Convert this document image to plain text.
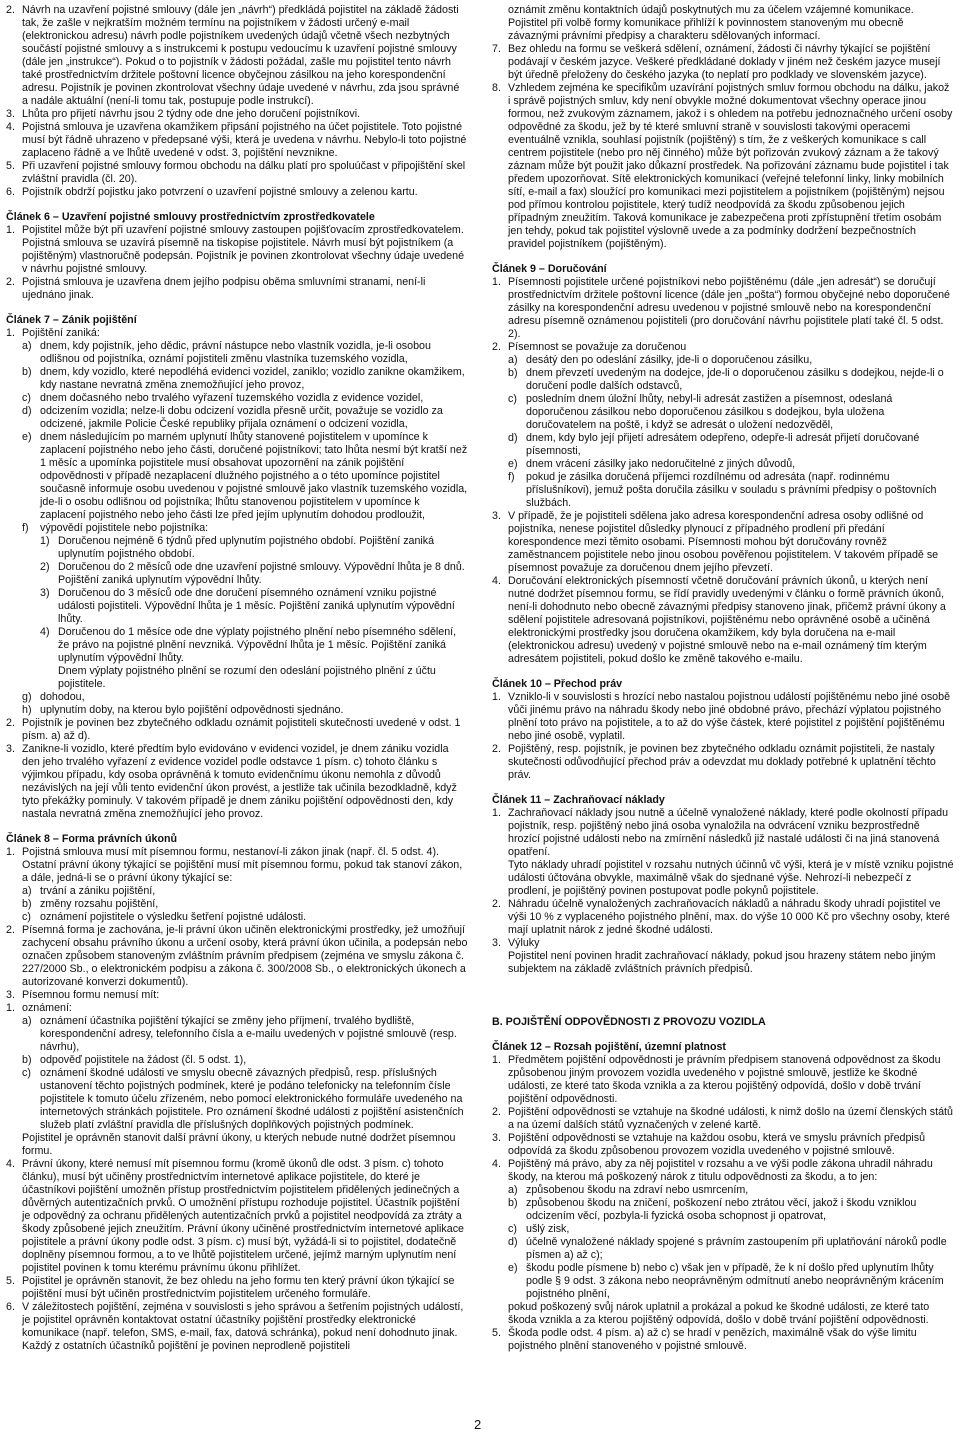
2. Návrh na uzavření pojistné smlouvy (dále jen „návrh“) předkládá pojistitel na základě žádosti tak, že zašle v nejkratším možném termínu na pojistníkem v žádosti určený e-mail (elektronickou adresu) návrh podle pojistníkem uvedených údajů včetně všech nezbytných součástí pojistné smlouvy a s instrukcemi k postupu vedoucímu k uzavření pojistné smlouvy (dále jen „instrukce“). Pokud o to pojistník v žádosti požádal, zašle mu pojistitel tento návrh také prostřednictvím držitele poštovní licence obyčejnou zásilkou na jeho korespondenční adresu. Pojistník je povinen zkontrolovat všechny údaje uvedené v návrhu, zda jsou správné a nadále aktuální (není-li tomu tak, postupuje podle instrukcí).
3. Lhůta pro přijetí návrhu jsou 2 týdny ode dne jeho doručení pojistníkovi.
4. Pojistná smlouva je uzavřena okamžikem připsání pojistného na účet pojistitele. Toto pojistné musí být řádně uhrazeno v předepsané výši, která je uvedena v návrhu. Nebylo-li toto pojistné zaplaceno řádně a ve lhůtě uvedené v odst. 3, pojištění nevznikne.
5. Při uzavření pojistné smlouvy formou obchodu na dálku platí pro spoluúčast v připojištění skel zvláštní pravidla (čl. 20).
6. Pojistník obdrží pojistku jako potvrzení o uzavření pojistné smlouvy a zelenou kartu.
Článek 6 – Uzavření pojistné smlouvy prostřednictvím zprostředkovatele
1. Pojistitel může být při uzavření pojistné smlouvy zastoupen pojišťovacím zprostředkovatelem. Pojistná smlouva se uzavírá písemně na tiskopise pojistitele. Návrh musí být pojistníkem (a pojištěným) vlastnoručně podepsán. Pojistník je povinen zkontrolovat všechny údaje uvedené v návrhu pojistné smlouvy.
2. Pojistná smlouva je uzavřena dnem jejího podpisu oběma smluvními stranami, není-li ujednáno jinak.
Článek 7 – Zánik pojištění
1. Pojištění zaniká:
a) dnem, kdy pojistník, jeho dědic, právní nástupce nebo vlastník vozidla, je-li osobou odlišnou od pojistníka, oznámí pojistiteli změnu vlastníka tuzemského vozidla,
b) dnem, kdy vozidlo, které nepodléhá evidenci vozidel, zaniklo; vozidlo zanikne okamžikem, kdy nastane nevratná změna znemožňující jeho provoz,
c) dnem dočasného nebo trvalého vyřazení tuzemského vozidla z evidence vozidel,
d) odcizením vozidla; nelze-li dobu odcizení vozidla přesně určit, považuje se vozidlo za odcizené, jakmile Policie České republiky přijala oznámení o odcizení vozidla,
e) dnem následujícím po marném uplynutí lhůty stanovené pojistitelem v upomínce k zaplacení pojistného nebo jeho části, doručené pojistníkovi; tato lhůta nesmí být kratší než 1 měsíc a upomínka pojistitele musí obsahovat upozornění na zánik pojištění odpovědnosti v případě nezaplacení dlužného pojistného a o této upomínce pojistitel současně informuje osobu uvedenou v pojistné smlouvě jako vlastník tuzemského vozidla, jde-li o osobu odlišnou od pojistníka; lhůtu stanovenou pojistitelem v upomínce k zaplacení pojistného nebo jeho části lze před jejím uplynutím dohodou prodloužit,
f)	výpovědí pojistitele nebo pojistníka:
1) Doručenou nejméně 6 týdnů před uplynutím pojistného období. Pojištění zaniká uplynutím pojistného období.
2) Doručenou do 2 měsíců ode dne uzavření pojistné smlouvy. Výpovědní lhůta je 8 dnů. Pojištění zaniká uplynutím výpovědní lhůty.
3) Doručenou do 3 měsíců ode dne doručení písemného oznámení vzniku pojistné události pojistiteli. Výpovědní lhůta je 1 měsíc. Pojištění zaniká uplynutím výpovědní lhůty.
4) Doručenou do 1 měsíce ode dne výplaty pojistného plnění nebo písemného sdělení, že právo na pojistné plnění nevzniká. Výpovědní lhůta je 1 měsíc. Pojištění zaniká uplynutím výpovědní lhůty.

Dnem výplaty pojistného plnění se rozumí den odeslání pojistného plnění z účtu pojistitele.

g) dohodou,
h) uplynutím doby, na kterou bylo pojištění odpovědnosti sjednáno.
2. Pojistník je povinen bez zbytečného odkladu oznámit pojistiteli skutečnosti uvedené v odst. 1 písm. a) až d).
3. Zanikne-li vozidlo, které předtím bylo evidováno v evidenci vozidel, je dnem zániku vozidla den jeho trvalého vyřazení z evidence vozidel podle odstavce 1 písm. c) tohoto článku s výjimkou případu, kdy osoba oprávněná k tomuto evidenčnímu úkonu nemohla z důvodů nezávislých na její vůli tento evidenční úkon provést, a jestliže tak učinila bezodkladně, když tyto překážky pominuly. V takovém případě je dnem zániku pojištění odpovědnosti den, kdy nastala nevratná změna znemožňující jeho provoz.
Článek 8 – Forma právních úkonů
1. Pojistná smlouva musí mít písemnou formu, nestanoví-li zákon jinak (např. čl. 5 odst. 4). Ostatní právní úkony týkající se pojištění musí mít písemnou formu, pokud tak stanoví zákon, a dále, jedná-li se o právní úkony týkající se:
a) trvání a zániku pojištění,
b) změny rozsahu pojištění,
c) oznámení pojistitele o výsledku šetření pojistné události.
2. Písemná forma je zachována, je-li právní úkon učiněn elektronickými prostředky, jež umožňují zachycení obsahu právního úkonu a určení osoby, která právní úkon učinila, a podepsán nebo označen způsobem stanoveným zvláštním právním předpisem (zejména ve smyslu zákona č. 227/2000 Sb., o elektronickém podpisu a zákona č. 300/2008 Sb., o elektronických úkonech a autorizované konverzi dokumentů).
3. Písemnou formu nemusí mít:
1. oznámení:
a) oznámení účastníka pojištění týkající se změny jeho příjmení, trvalého bydliště, korespondenční adresy, telefonního čísla a e-mailu uvedených v pojistné smlouvě (resp. návrhu),
b) odpověď pojistitele na žádost (čl. 5 odst. 1),
c) oznámení škodné události ve smyslu obecně závazných předpisů, resp. příslušných ustanovení těchto pojistných podmínek, které je podáno telefonicky na telefonním čísle pojistitele k tomuto účelu zřízeném, nebo pomocí elektronického formuláře uvedeného na internetových stránkách pojistitele. Pro oznámení škodné události z pojištění asistenčních služeb platí zvláštní pravidla dle příslušných doplňkových pojistných podmínek.

Pojistitel je oprávněn stanovit další právní úkony, u kterých nebude nutné dodržet písemnou formu.

4. Právní úkony, které nemusí mít písemnou formu (kromě úkonů dle odst. 3 písm. c) tohoto článku), musí být učiněny prostřednictvím internetové aplikace pojistitele, do které je účastníkovi pojištění umožněn přístup prostřednictvím pojistitelem přidělených jedinečných a důvěrných autentizačních prvků. O umožnění přístupu rozhoduje pojistitel. Účastník pojištění je odpovědný za ochranu přidělených autentizačních prvků a pojistitel neodpovídá za ztráty a škody způsobené jejich zneužitím. Právní úkony učiněné prostřednictvím internetové aplikace pojistitele a právní úkony podle odst. 3 písm. c) musí být, vyžádá-li si to pojistitel, dodatečně doplněny písemnou formou, a to ve lhůtě pojistitelem určené, jejímž marným uplynutím není pojistitel povinen k tomu kterému právnímu úkonu přihlížet.
5. Pojistitel je oprávněn stanovit, že bez ohledu na jeho formu ten který právní úkon týkající se pojištění musí být učiněn prostřednictvím pojistitelem určeného formuláře.
6. V záležitostech pojištění, zejména v souvislosti s jeho správou a šetřením pojistných událostí, je pojistitel oprávněn kontaktovat ostatní účastníky pojištění prostředky elektronické komunikace (např. telefon, SMS, e-mail, fax, datová schránka), pokud není dohodnuto jinak. Každý z ostatních účastníků pojištění je povinen neprodleně pojistiteli

oznámit změnu kontaktních údajů poskytnutých mu za účelem vzájemné komunikace. Pojistitel při volbě formy komunikace přihlíží k povinnostem stanoveným mu obecně závaznými právními předpisy a charakteru sdělovaných informací.

7. Bez ohledu na formu se veškerá sdělení, oznámení, žádosti či návrhy týkající se pojištění podávají v českém jazyce. Veškeré předkládané doklady v jiném než českém jazyce musejí být úředně přeloženy do českého jazyka (to neplatí pro podklady ve slovenském jazyce).
8. Vzhledem zejména ke specifikům uzavírání pojistných smluv formou obchodu na dálku, jakož i správě pojistných smluv, kdy není obvykle možné dokumentovat všechny operace jinou formou, než zvukovým záznamem, jakož i s ohledem na potřebu jednoznačného určení osoby odpovědné za škodu, jež by té které smluvní straně v souvislosti takovými operacemi eventuálně vznikla, souhlasí pojistník (pojištěný) s tím, že z veškerých komunikace s call centrem pojistitele (nebo pro něj činného) může být pořizován zvukový záznam a že takový záznam může být použit jako důkazní prostředek. Na pořizování záznamu bude pojistitel i tak předem upozorňovat. Sítě elektronických komunikací (veřejné telefonní linky, linky mobilních sítí, e-mail a fax) sloužící pro komunikaci mezi pojistitelem a pojistníkem (pojištěným) nejsou pod přímou kontrolou pojistitele, který tudíž neodpovídá za škodu způsobenou jejich případným zneužitím. Taková komunikace je zabezpečena proti zpřístupnění třetím osobám jen tehdy, pokud tak pojistitel výslovně uvede a za podmínky dodržení bezpečnostních pravidel pojistníkem (pojištěným).
Článek 9 – Doručování
1. Písemnosti pojistitele určené pojistníkovi nebo pojištěnému (dále „jen adresát“) se doručují prostřednictvím držitele poštovní licence (dále jen „pošta“) formou obyčejné nebo doporučené zásilky na korespondenční adresu uvedenou v pojistné smlouvě nebo na korespondenční adresu písemně oznámenou pojistiteli (pro doručování návrhu pojistitele platí také čl. 5 odst. 2).
2. Písemnost se považuje za doručenou
a) desátý den po odeslání zásilky, jde-li o doporučenou zásilku,
b) dnem převzetí uvedeným na dodejce, jde-li o doporučenou zásilku s dodejkou, nejde-li o doručení podle dalších odstavců,
c) posledním dnem úložní lhůty, nebyl-li adresát zastižen a písemnost, odeslaná doporučenou zásilkou nebo doporučenou zásilkou s dodejkou, byla uložena doručovatelem na poště, i když se adresát o uložení nedozvěděl,
d) dnem, kdy bylo její přijetí adresátem odepřeno, odepře-li adresát přijetí doručované písemnosti,
e) dnem vrácení zásilky jako nedoručitelné z jiných důvodů,
f)	pokud je zásilka doručená příjemci rozdílnému od adresáta (např. rodinnému příslušníkovi), jemuž pošta doručila zásilku v souladu s právními předpisy o poštovních službách.
3. V případě, že je pojistiteli sdělena jako adresa korespondenční adresa osoby odlišné od pojistníka, nenese pojistitel důsledky plynoucí z případného prodlení při předání korespondence mezi těmito osobami. Písemnosti mohou být doručovány rovněž zaměstnancem pojistitele nebo jinou osobou pověřenou pojistitelem. V takovém případě se písemnost považuje za doručenou dnem jejího převzetí.
4. Doručování elektronických písemností včetně doručování právních úkonů, u kterých není nutné dodržet písemnou formu, se řídí pravidly uvedenými v článku o formě právních úkonů, není-li dohodnuto nebo obecně závaznými předpisy stanoveno jinak, přičemž právní úkony a sdělení pojistitele adresovaná pojistníkovi, pojištěnému nebo oprávněné osobě a učiněná elektronickými prostředky jsou doručena okamžikem, kdy byla doručena na e-mail (elektronickou adresu) uvedený v pojistné smlouvě nebo na e-mail oznámený tím kterým adresátem pojistiteli, pokud došlo ke změně takového e-mailu.
Článek 10 – Přechod práv
1. Vzniklo-li v souvislosti s hrozící nebo nastalou pojistnou událostí pojištěnému nebo jiné osobě vůči jinému právo na náhradu škody nebo jiné obdobné právo, přechází výplatou pojistného plnění toto právo na pojistitele, a to až do výše částek, které pojistitel z pojištění pojištěnému nebo jiné osobě, vyplatil.
2. Pojištěný, resp. pojistník, je povinen bez zbytečného odkladu oznámit pojistiteli, že nastaly skutečnosti odůvodňující přechod práv a odevzdat mu doklady potřebné k uplatnění těchto práv.
Článek 11 – Zachraňovací náklady
1. Zachraňovací náklady jsou nutně a účelně vynaložené náklady, které podle okolností případu pojistník, resp. pojištěný nebo jiná osoba vynaložila na odvrácení vzniku bezprostředně hrozící pojistné události nebo na zmírnění následků již nastalé události či na jiná stanovená opatření.

Tyto náklady uhradí pojistitel v rozsahu nutných účinnů vč výši, která je v místě vzniku pojistné události účtována obvykle, maximálně však do sjednané výše. Nehrozí-li nebezpečí z prodlení, je pojištěný povinen postupovat podle pokynů pojistitele.

2. Náhradu účelně vynaložených zachraňovacích nákladů a náhradu škody uhradí pojistitel ve výši 10 % z vyplaceného pojistného plnění, max. do výše 10 000 Kč pro všechny osoby, které mají uplatnit nárok z jedné škodné události.
3. Výluky

Pojistitel není povinen hradit zachraňovací náklady, pokud jsou hrazeny státem nebo jiným subjektem na základě zvláštních právních předpisů.

B. POJIŠTĚNÍ ODPOVĚDNOSTI Z PROVOZU VOZIDLA
Článek 12 – Rozsah pojištění, územní platnost
1. Předmětem pojištění odpovědnosti je právním předpisem stanovená odpovědnost za škodu způsobenou jiným provozem vozidla uvedeného v pojistné smlouvě, jestliže ke škodné události, ze které tato škoda vznikla a za kterou pojištěný odpovídá, došlo v době trvání pojištění odpovědnosti.
2. Pojištění odpovědnosti se vztahuje na škodné události, k nimž došlo na území členských států a na území dalších států vyznačených v zelené kartě.
3. Pojištění odpovědnosti se vztahuje na každou osobu, která ve smyslu právních předpisů odpovídá za škodu způsobenou provozem vozidla uvedeného v pojistné smlouvě.
4. Pojištěný má právo, aby za něj pojistitel v rozsahu a ve výši podle zákona uhradil náhradu škody, na kterou má poškozený nárok z titulu odpovědnosti za škodu, a to jen:
a) způsobenou škodu na zdraví nebo usmrcením,
b) způsobenou škodu na zničení, poškození nebo ztrátou věcí, jakož i škodu vzniklou odcizením věcí, pozbyla-li fyzická osoba schopnost ji opatrovat,
c) ušlý zisk,
d) účelně vynaložené náklady spojené s právním zastoupením při uplatňování nároků podle písmen a) až c);
e) škodu podle písmene b) nebo c) však jen v případě, že k ní došlo před uplynutím lhůty podle § 9 odst. 3 zákona nebo neoprávněným odmítnutí anebo neoprávněným krácením pojistného plnění,

pokud poškozený svůj nárok uplatnil a prokázal a pokud ke škodné události, ze které tato škoda vznikla a za kterou pojištěný odpovídá, došlo v době trvání pojištění odpovědnosti.

5. Škoda podle odst. 4 písm. a) až c) se hradí v penězích, maximálně však do výše limitu pojistného plnění stanoveného v pojistné smlouvě.
2
